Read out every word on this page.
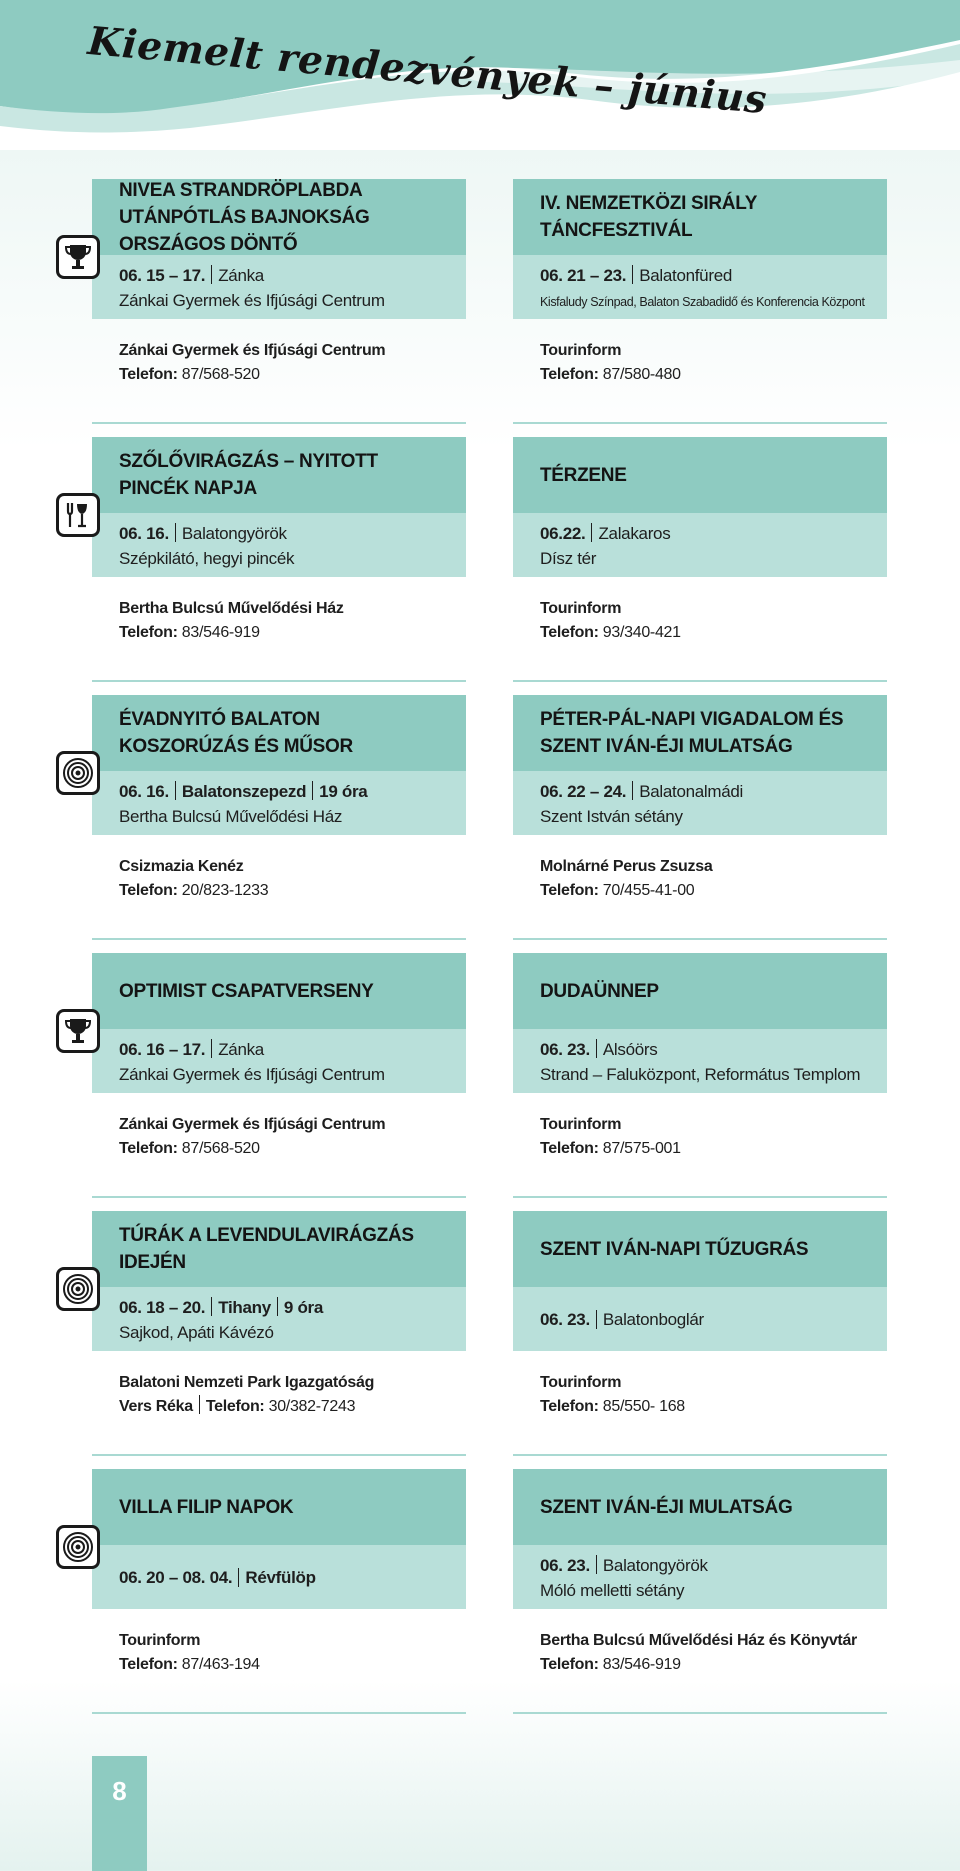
Kiemelt rendezvények – június
NIVEA STRANDRÖPLABDA UTÁNPÓTLÁS BAJNOKSÁG ORSZÁGOS DÖNTŐ
06. 15 – 17. Zánka
Zánkai Gyermek és Ifjúsági Centrum
Zánkai Gyermek és Ifjúsági Centrum
Telefon: 87/568-520
IV. NEMZETKÖZI SIRÁLY TÁNCFESZTIVÁL
06. 21 – 23. Balatonfüred
Kisfaludy Színpad, Balaton Szabadidő és Konferencia Központ
Tourinform
Telefon: 87/580-480
SZŐLŐVIRÁGZÁS – NYITOTT PINCÉK NAPJA
06. 16. Balatongyörök
Szépkilátó, hegyi pincék
Bertha Bulcsú Művelődési Ház
Telefon: 83/546-919
TÉRZENE
06.22. Zalakaros
Dísz tér
Tourinform
Telefon: 93/340-421
ÉVADNYITÓ BALATON KOSZORÚZÁS ÉS MŰSOR
06. 16. Balatonszepezd 19 óra
Bertha Bulcsú Művelődési Ház
Csizmazia Kenéz
Telefon: 20/823-1233
PÉTER-PÁL-NAPI VIGADALOM ÉS SZENT IVÁN-ÉJI MULATSÁG
06. 22 – 24. Balatonalmádi
Szent István sétány
Molnárné Perus Zsuzsa
Telefon: 70/455-41-00
OPTIMIST CSAPATVERSENY
06. 16 – 17. Zánka
Zánkai Gyermek és Ifjúsági Centrum
Zánkai Gyermek és Ifjúsági Centrum
Telefon: 87/568-520
DUDAÜNNEP
06. 23. Alsóörs
Strand – Faluközpont, Református Templom
Tourinform
Telefon: 87/575-001
TÚRÁK A LEVENDULAVIRÁGZÁS IDEJÉN
06. 18 – 20. Tihany 9 óra
Sajkod, Apáti Kávézó
Balatoni Nemzeti Park Igazgatóság
Vers Réka Telefon: 30/382-7243
SZENT IVÁN-NAPI TŰZUGRÁS
06. 23. Balatonboglár
Tourinform
Telefon: 85/550- 168
VILLA FILIP NAPOK
06. 20 – 08. 04. Révfülöp
Tourinform
Telefon: 87/463-194
SZENT IVÁN-ÉJI MULATSÁG
06. 23. Balatongyörök
Móló melletti sétány
Bertha Bulcsú Művelődési Ház és Könyvtár
Telefon: 83/546-919
8
